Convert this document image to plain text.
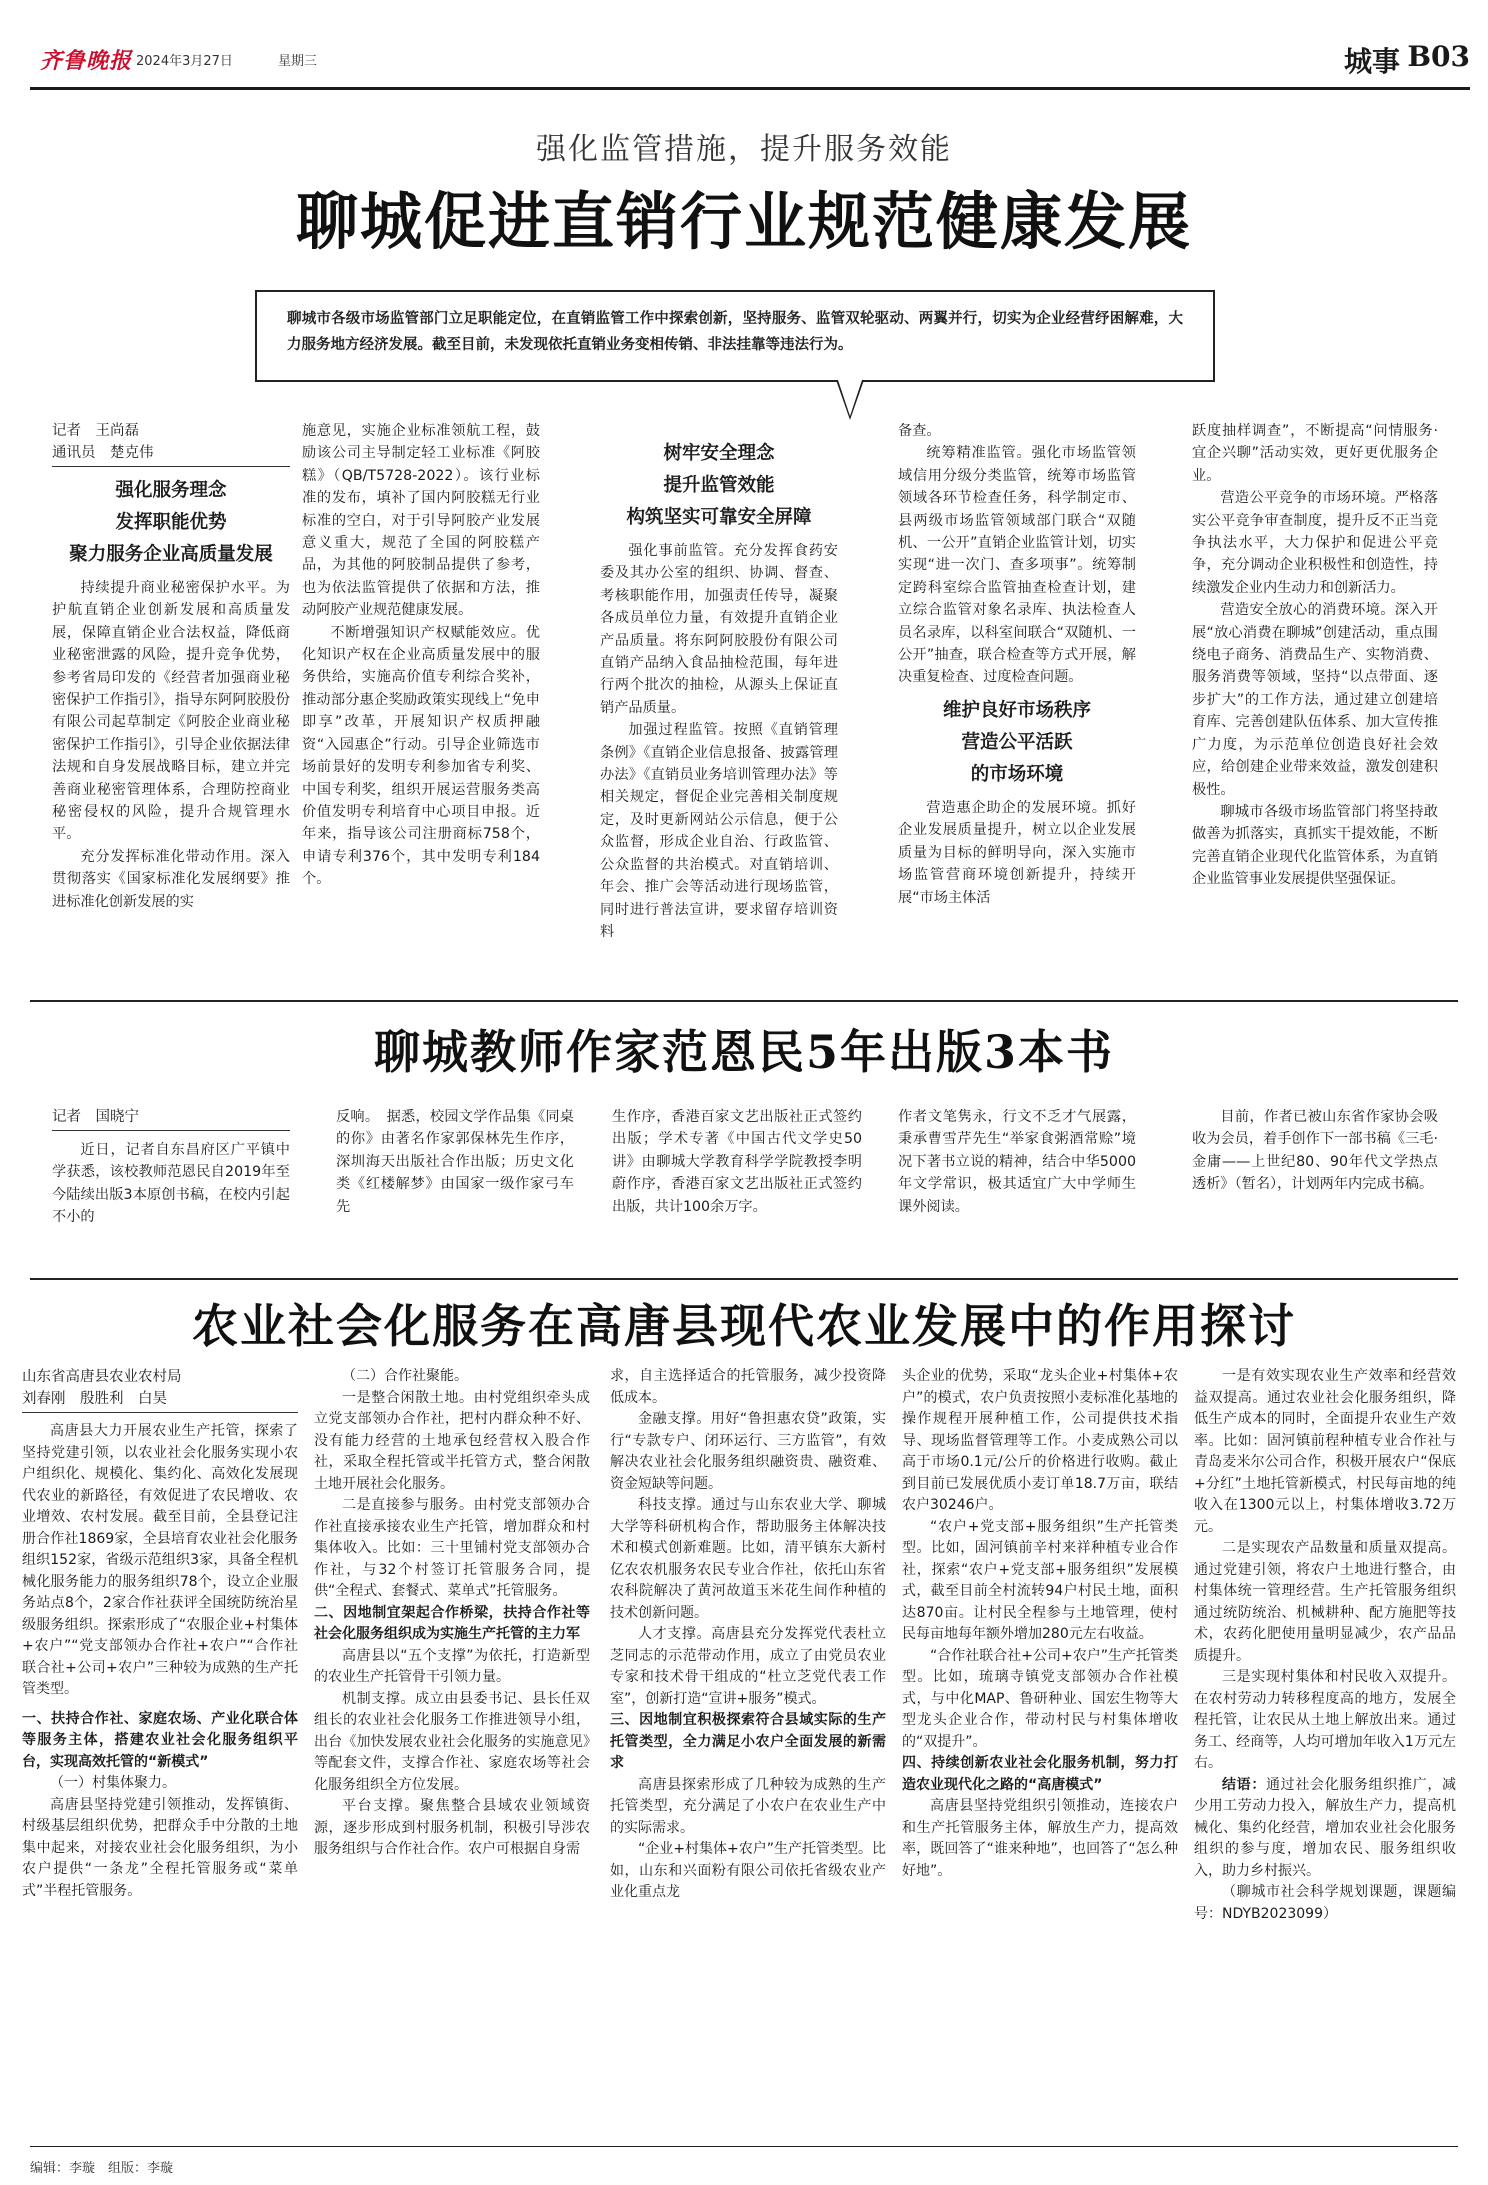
齐鲁晚报 2024年3月27日	星期三	城事 B03
强化监管措施，提升服务效能
聊城促进直销行业规范健康发展
聊城市各级市场监管部门立足职能定位，在直销监管工作中探索创新，坚持服务、监管双轮驱动、两翼并行，切实为企业经营纾困解难，大力服务地方经济发展。截至目前，未发现依托直销业务变相传销、非法挂靠等违法行为。
记者　王尚磊
通讯员　楚克伟
强化服务理念
发挥职能优势
聚力服务企业高质量发展

持续提升商业秘密保护水平。为护航直销企业创新发展和高质量发展，保障直销企业合法权益，降低商业秘密泄露的风险，提升竞争优势，参考省局印发的《经营者加强商业秘密保护工作指引》，指导东阿阿胶股份有限公司起草制定《阿胶企业商业秘密保护工作指引》，引导企业依据法律法规和自身发展战略目标，建立并完善商业秘密管理体系，合理防控商业秘密侵权的风险，提升合规管理水平。

充分发挥标准化带动作用。深入贯彻落实《国家标准化发展纲要》推进标准化创新发展的实

施意见，实施企业标准领航工程，鼓励该公司主导制定轻工业标准《阿胶糕》（QB/T5728-2022）。该行业标准的发布，填补了国内阿胶糕无行业标准的空白，对于引导阿胶产业发展意义重大，规范了全国的阿胶糕产品，为其他的阿胶制品提供了参考，也为依法监管提供了依据和方法，推动阿胶产业规范健康发展。

不断增强知识产权赋能效应。优化知识产权在企业高质量发展中的服务供给，实施高价值专利综合奖补，推动部分惠企奖励政策实现线上“免申即享”改革，开展知识产权质押融资“入园惠企”行动。引导企业筛选市场前景好的发明专利参加省专利奖、中国专利奖，组织开展运营服务类高价值发明专利培育中心项目申报。近年来，指导该公司注册商标758个，申请专利376个，其中发明专利184个。

树牢安全理念
提升监管效能
构筑坚实可靠安全屏障

强化事前监管。充分发挥食药安委及其办公室的组织、协调、督查、考核职能作用，加强责任传导，凝聚各成员单位力量，有效提升直销企业产品质量。将东阿阿胶股份有限公司直销产品纳入食品抽检范围，每年进行两个批次的抽检，从源头上保证直销产品质量。

加强过程监管。按照《直销管理条例》《直销企业信息报备、披露管理办法》《直销员业务培训管理办法》等相关规定，督促企业完善相关制度规定，及时更新网站公示信息，便于公众监督，形成企业自治、行政监管、公众监督的共治模式。对直销培训、年会、推广会等活动进行现场监管，同时进行普法宣讲，要求留存培训资料

备查。

统筹精准监管。强化市场监管领域信用分级分类监管，统筹市场监管领域各环节检查任务，科学制定市、县两级市场监管领域部门联合“双随机、一公开”直销企业监管计划，切实实现“进一次门、查多项事”。统筹制定跨科室综合监管抽查检查计划，建立综合监管对象名录库、执法检查人员名录库，以科室间联合“双随机、一公开”抽查，联合检查等方式开展，解决重复检查、过度检查问题。

维护良好市场秩序
营造公平活跃
的市场环境

营造惠企助企的发展环境。抓好企业发展质量提升，树立以企业发展质量为目标的鲜明导向，深入实施市场监管营商环境创新提升，持续开展“市场主体活

跃度抽样调查”，不断提高“问情服务·宜企兴聊”活动实效，更好更优服务企业。

营造公平竞争的市场环境。严格落实公平竞争审查制度，提升反不正当竞争执法水平，大力保护和促进公平竞争，充分调动企业积极性和创造性，持续激发企业内生动力和创新活力。

营造安全放心的消费环境。深入开展“放心消费在聊城”创建活动，重点围绕电子商务、消费品生产、实物消费、服务消费等领域，坚持“以点带面、逐步扩大”的工作方法，通过建立创建培育库、完善创建队伍体系、加大宣传推广力度，为示范单位创造良好社会效应，给创建企业带来效益，激发创建积极性。

聊城市各级市场监管部门将坚持敢做善为抓落实，真抓实干提效能，不断完善直销企业现代化监管体系，为直销企业监管事业发展提供坚强保证。

聊城教师作家范恩民5年出版3本书
记者　国晓宁

近日，记者自东昌府区广平镇中学获悉，该校教师范恩民自2019年至今陆续出版3本原创书稿，在校内引起不小的

反响。　据悉，校园文学作品集《同桌的你》由著名作家郭保林先生作序，深圳海天出版社合作出版；历史文化类《红楼解梦》由国家一级作家弓车先

生作序，香港百家文艺出版社正式签约出版；学术专著《中国古代文学史50讲》由聊城大学教育科学学院教授李明蔚作序，香港百家文艺出版社正式签约出版，共计100余万字。

作者文笔隽永，行文不乏才气展露，秉承曹雪芹先生“举家食粥酒常赊”境况下著书立说的精神，结合中华5000年文学常识，极其适宜广大中学师生课外阅读。

目前，作者已被山东省作家协会吸收为会员，着手创作下一部书稿《三毛·金庸——上世纪80、90年代文学热点透析》（暂名），计划两年内完成书稿。

农业社会化服务在高唐县现代农业发展中的作用探讨
山东省高唐县农业农村局
刘春刚　殷胜利　白昊

高唐县大力开展农业生产托管，探索了坚持党建引领，以农业社会化服务实现小农户组织化、规模化、集约化、高效化发展现代农业的新路径，有效促进了农民增收、农业增效、农村发展。截至目前，全县登记注册合作社1869家，全县培育农业社会化服务组织152家，省级示范组织3家，具备全程机械化服务能力的服务组织78个，设立企业服务站点8个，2家合作社获评全国统防统治星级服务组织。探索形成了“农服企业+村集体+农户”“党支部领办合作社+农户”“合作社联合社+公司+农户”三种较为成熟的生产托管类型。

一、扶持合作社、家庭农场、产业化联合体等服务主体，搭建农业社会化服务组织平台，实现高效托管的“新模式”

（一）村集体聚力。

高唐县坚持党建引领推动，发挥镇街、村级基层组织优势，把群众手中分散的土地集中起来，对接农业社会化服务组织，为小农户提供“一条龙”全程托管服务或“菜单式”半程托管服务。

（二）合作社聚能。

一是整合闲散土地。由村党组织牵头成立党支部领办合作社，把村内群众种不好、没有能力经营的土地承包经营权入股合作社，采取全程托管或半托管方式，整合闲散土地开展社会化服务。

二是直接参与服务。由村党支部领办合作社直接承接农业生产托管，增加群众和村集体收入。比如：三十里铺村党支部领办合作社，与32个村签订托管服务合同，提供“全程式、套餐式、菜单式”托管服务。

二、因地制宜架起合作桥梁，扶持合作社等社会化服务组织成为实施生产托管的主力军

高唐县以“五个支撑”为依托，打造新型的农业生产托管骨干引领力量。

机制支撑。成立由县委书记、县长任双组长的农业社会化服务工作推进领导小组，出台《加快发展农业社会化服务的实施意见》等配套文件，支撑合作社、家庭农场等社会化服务组织全方位发展。

平台支撑。聚焦整合县域农业领域资源，逐步形成到村服务机制，积极引导涉农服务组织与合作社合作。农户可根据自身需

求，自主选择适合的托管服务，减少投资降低成本。

金融支撑。用好“鲁担惠农贷”政策，实行“专款专户、闭环运行、三方监管”，有效解决农业社会化服务组织融资贵、融资难、资金短缺等问题。

科技支撑。通过与山东农业大学、聊城大学等科研机构合作，帮助服务主体解决技术和模式创新难题。比如，清平镇东大新村亿农农机服务农民专业合作社，依托山东省农科院解决了黄河故道玉米花生间作种植的技术创新问题。

人才支撑。高唐县充分发挥党代表杜立芝同志的示范带动作用，成立了由党员农业专家和技术骨干组成的“杜立芝党代表工作室”，创新打造“宣讲+服务”模式。

三、因地制宜积极探索符合县域实际的生产托管类型，全力满足小农户全面发展的新需求

高唐县探索形成了几种较为成熟的生产托管类型，充分满足了小农户在农业生产中的实际需求。

“企业+村集体+农户”生产托管类型。比如，山东和兴面粉有限公司依托省级农业产业化重点龙

头企业的优势，采取“龙头企业+村集体+农户”的模式，农户负责按照小麦标准化基地的操作规程开展种植工作，公司提供技术指导、现场监督管理等工作。小麦成熟公司以高于市场0.1元/公斤的价格进行收购。截止到目前已发展优质小麦订单18.7万亩，联结农户30246户。

“农户+党支部+服务组织”生产托管类型。比如，固河镇前辛村来祥种植专业合作社，探索“农户+党支部+服务组织”发展模式，截至目前全村流转94户村民土地，面积达870亩。让村民全程参与土地管理，使村民每亩地每年额外增加280元左右收益。

“合作社联合社+公司+农户”生产托管类型。比如，琉璃寺镇党支部领办合作社模式，与中化MAP、鲁研种业、国宏生物等大型龙头企业合作，带动村民与村集体增收的“双提升”。

四、持续创新农业社会化服务机制，努力打造农业现代化之路的“高唐模式”

高唐县坚持党组织引领推动，连接农户和生产托管服务主体，解放生产力，提高效率，既回答了“谁来种地”，也回答了“怎么种好地”。

一是有效实现农业生产效率和经营效益双提高。通过农业社会化服务组织，降低生产成本的同时，全面提升农业生产效率。比如：固河镇前程种植专业合作社与青岛麦米尔公司合作，积极开展农户“保底+分红”土地托管新模式，村民每亩地的纯收入在1300元以上，村集体增收3.72万元。

二是实现农产品数量和质量双提高。通过党建引领，将农户土地进行整合，由村集体统一管理经营。生产托管服务组织通过统防统治、机械耕种、配方施肥等技术，农药化肥使用量明显减少，农产品品质提升。

三是实现村集体和村民收入双提升。在农村劳动力转移程度高的地方，发展全程托管，让农民从土地上解放出来。通过务工、经商等，人均可增加年收入1万元左右。

结语：通过社会化服务组织推广，减少用工劳动力投入，解放生产力，提高机械化、集约化经营，增加农业社会化服务组织的参与度，增加农民、服务组织收入，助力乡村振兴。

（聊城市社会科学规划课题，课题编号：NDYB2023099）

编辑：李璇　组版：李璇
